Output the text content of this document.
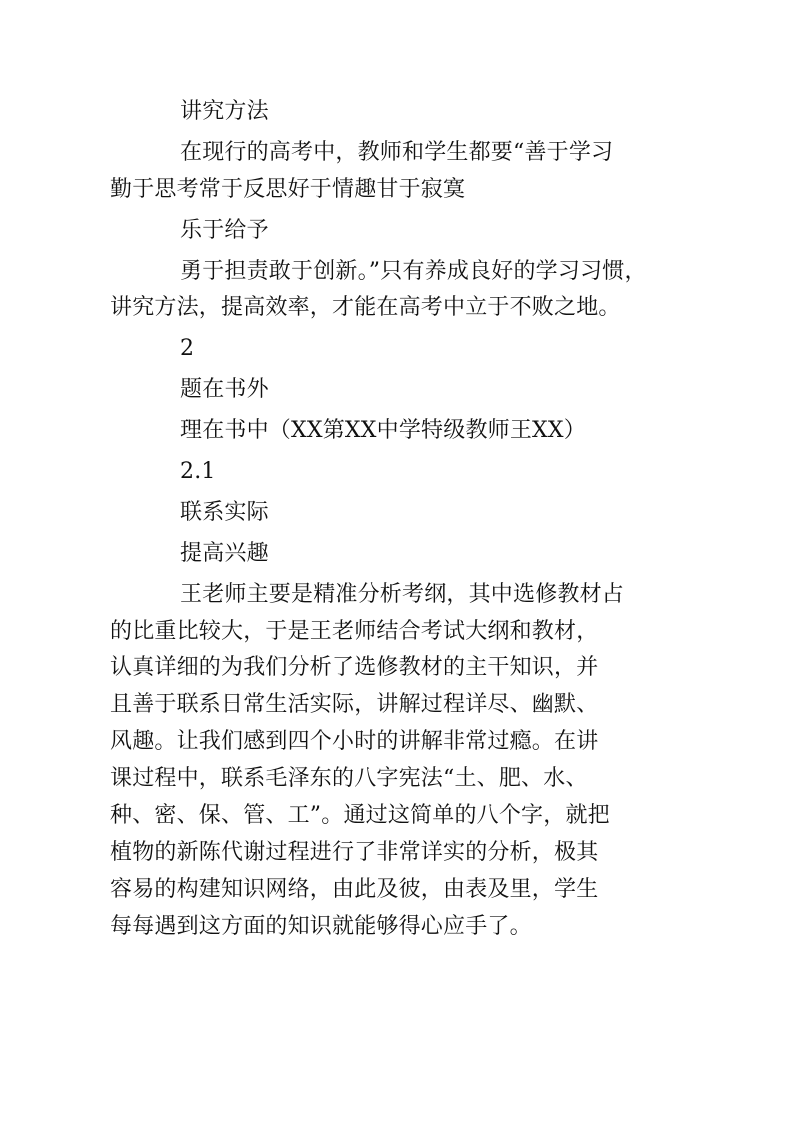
讲究方法

在现行的高考中，教师和学生都要“善于学习

勤于思考常于反思好于情趣甘于寂寞

乐于给予

勇于担责敢于创新。”只有养成良好的学习习惯，

讲究方法，提高效率，才能在高考中立于不败之地。

2

题在书外

理在书中（XX第XX中学特级教师王XX）

2.1

联系实际

提高兴趣

王老师主要是精准分析考纲，其中选修教材占

的比重比较大，于是王老师结合考试大纲和教材，

认真详细的为我们分析了选修教材的主干知识，并

且善于联系日常生活实际，讲解过程详尽、幽默、

风趣。让我们感到四个小时的讲解非常过瘾。在讲

课过程中，联系毛泽东的八字宪法“土、肥、水、

种、密、保、管、工”。通过这简单的八个字，就把

植物的新陈代谢过程进行了非常详实的分析，极其

容易的构建知识网络，由此及彼，由表及里，学生

每每遇到这方面的知识就能够得心应手了。
